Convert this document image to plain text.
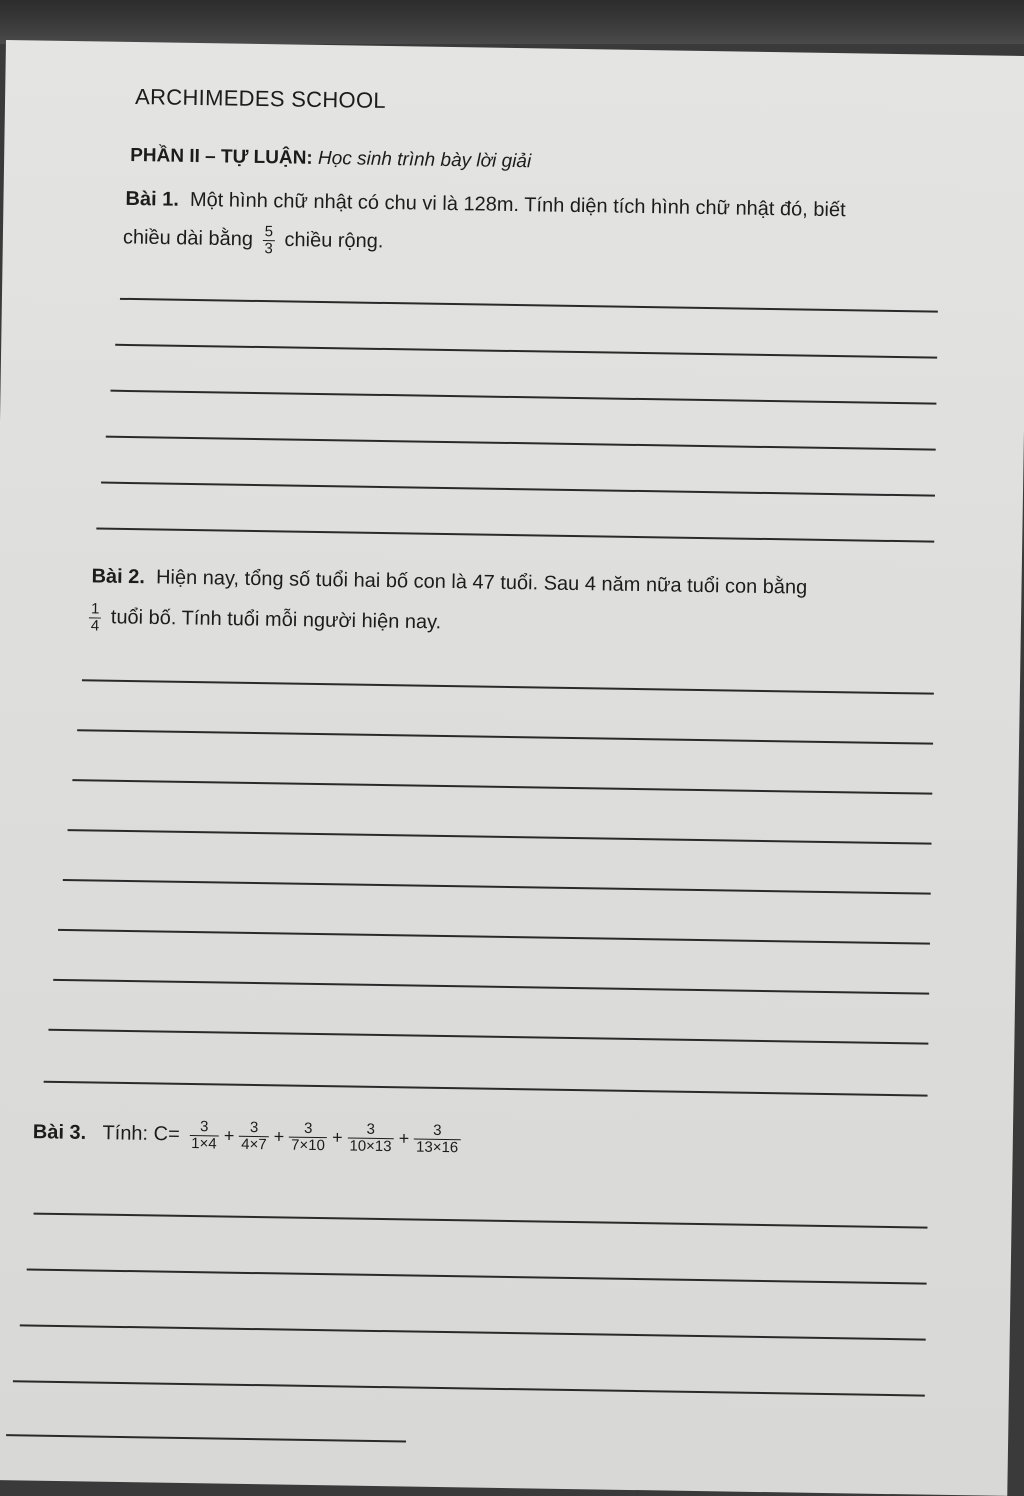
ARCHIMEDES SCHOOL
PHẦN II – TỰ LUẬN: Học sinh trình bày lời giải
Bài 1. Một hình chữ nhật có chu vi là 128m. Tính diện tích hình chữ nhật đó, biết
chiều dài bằng $\frac{5}{3}$ chiều rộng.
Bài 2. Hiện nay, tổng số tuổi hai bố con là 47 tuổi. Sau 4 năm nữa tuổi con bằng
$\frac{1}{4}$ tuổi bố. Tính tuổi mỗi người hiện nay.
Bài 3. Tính: $C= \frac{3}{1\times 4} + \frac{3}{4\times 7} + \frac{3}{7\times 10} + \frac{3}{10\times 13} + \frac{3}{13\times 16}$
